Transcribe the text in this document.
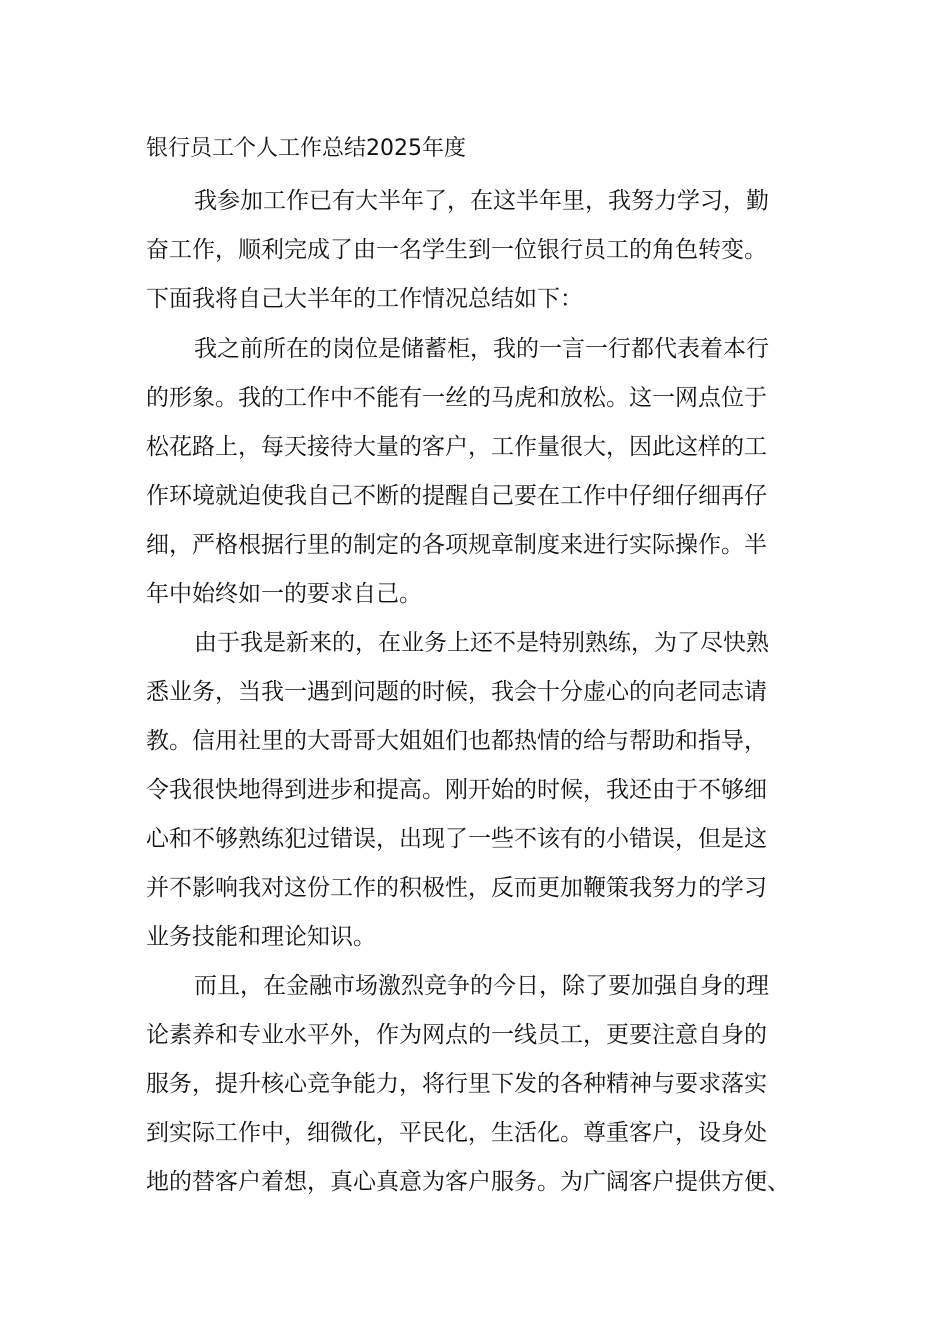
银行员工个人工作总结2025年度
我参加工作已有大半年了，在这半年里，我努力学习，勤
奋工作，顺利完成了由一名学生到一位银行员工的角色转变。
下面我将自己大半年的工作情况总结如下：
我之前所在的岗位是储蓄柜，我的一言一行都代表着本行
的形象。我的工作中不能有一丝的马虎和放松。这一网点位于
松花路上，每天接待大量的客户，工作量很大，因此这样的工
作环境就迫使我自己不断的提醒自己要在工作中仔细仔细再仔
细，严格根据行里的制定的各项规章制度来进行实际操作。半
年中始终如一的要求自己。
由于我是新来的，在业务上还不是特别熟练，为了尽快熟
悉业务，当我一遇到问题的时候，我会十分虚心的向老同志请
教。信用社里的大哥哥大姐姐们也都热情的给与帮助和指导，
令我很快地得到进步和提高。刚开始的时候，我还由于不够细
心和不够熟练犯过错误，出现了一些不该有的小错误，但是这
并不影响我对这份工作的积极性，反而更加鞭策我努力的学习
业务技能和理论知识。
而且，在金融市场激烈竞争的今日，除了要加强自身的理
论素养和专业水平外，作为网点的一线员工，更要注意自身的
服务，提升核心竞争能力，将行里下发的各种精神与要求落实
到实际工作中，细微化，平民化，生活化。尊重客户，设身处
地的替客户着想，真心真意为客户服务。为广阔客户提供方便、
